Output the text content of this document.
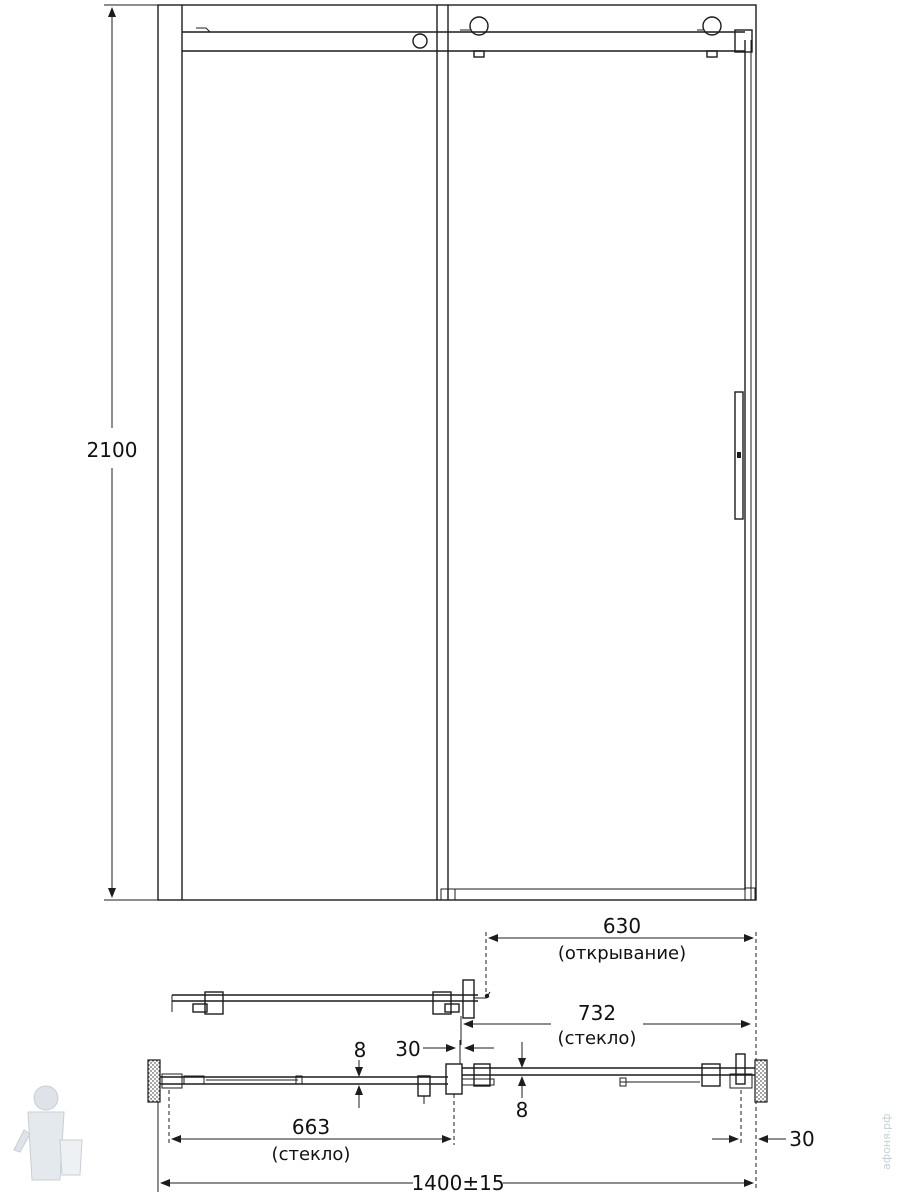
2100
630
(открывание)
732
(стекло)
30
8
8
663
(стекло)
30
1400±15
афоня.рф
